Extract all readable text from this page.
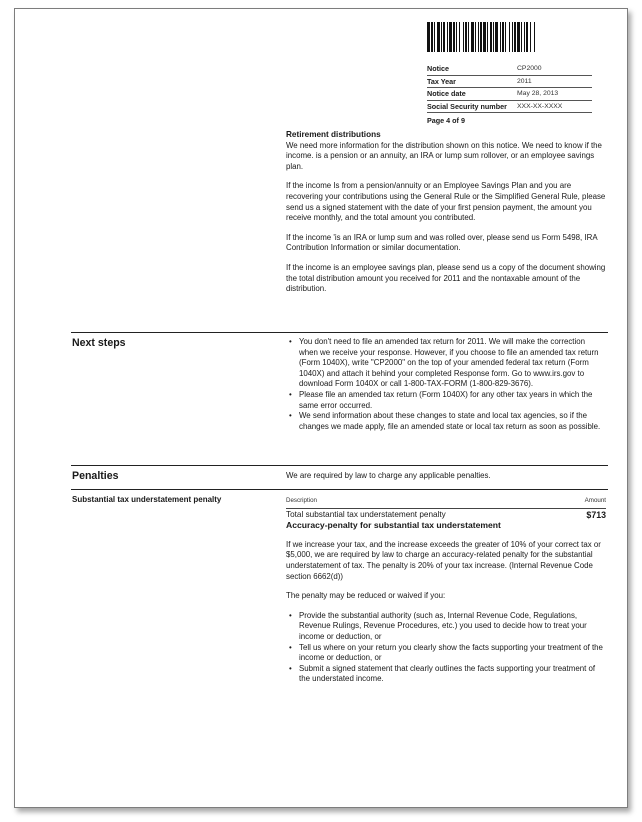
Notice	CP2000
Tax Year	2011
Notice date	May 28, 2013
Social Security number	XXX-XX-XXXX
Page 4 of 9
Retirement distributions

We need more information for the distribution shown on this notice. We need to know if the income. is a pension or an annuity, an IRA or lump sum rollover, or an employee savings plan.

If the income Is from a pension/annuity or an Employee Savings Plan and you are recovering your contributions using the General Rule or the Simplified General Rule, please send us a signed statement with the date of your first pension payment, the amount you receive monthly, and the total amount you contributed.

If the income 'is an IRA or lump sum and was rolled over, please send us Form 5498, IRA Contribution Information or similar documentation.

If the income is an employee savings plan, please send us a copy of the document showing the total distribution amount you received for 2011 and the nontaxable amount of the distribution.

Next steps
•	You don't need to file an amended tax return for 2011. We will make the correction when we receive your response. However, if you choose to file an amended tax return (Form 1040X), write "CP2000" on the top of your amended federal tax return (Form 1040X) and attach it behind your completed Response form. Go to www.irs.gov to download Form 1040X or call 1-800-TAX-FORM (1-800-829-3676).
• Please file an amended tax return (Form 1040X) for any other tax years in which the same error occurred.
• We send information about these changes to state and local tax agencies, so if the changes we made apply, file an amended state or local tax return as soon as possible.
Penalties	We are required by law to charge any applicable penalties.
Substantial tax understatement penalty	Description	Amount
Total substantial tax understatement penalty	$713

Accuracy-penalty for substantial tax understatement

If we increase your tax, and the increase exceeds the greater of 10% of your correct tax or $5,000, we are required by law to charge an accuracy-related penalty for the substantial understatement of tax. The penalty is 20% of your tax increase. (Internal Revenue Code section 6662(d))

The penalty may be reduced or waived if you:

• Provide the substantial authority (such as, Internal Revenue Code, Regulations, Revenue Rulings, Revenue Procedures, etc.) you used to decide how to treat your income or deduction, or
• Tell us where on your return you clearly show the facts supporting your treatment of the income or deduction, or
• Submit a signed statement that clearly outlines the facts supporting your treatment of the understated income.
